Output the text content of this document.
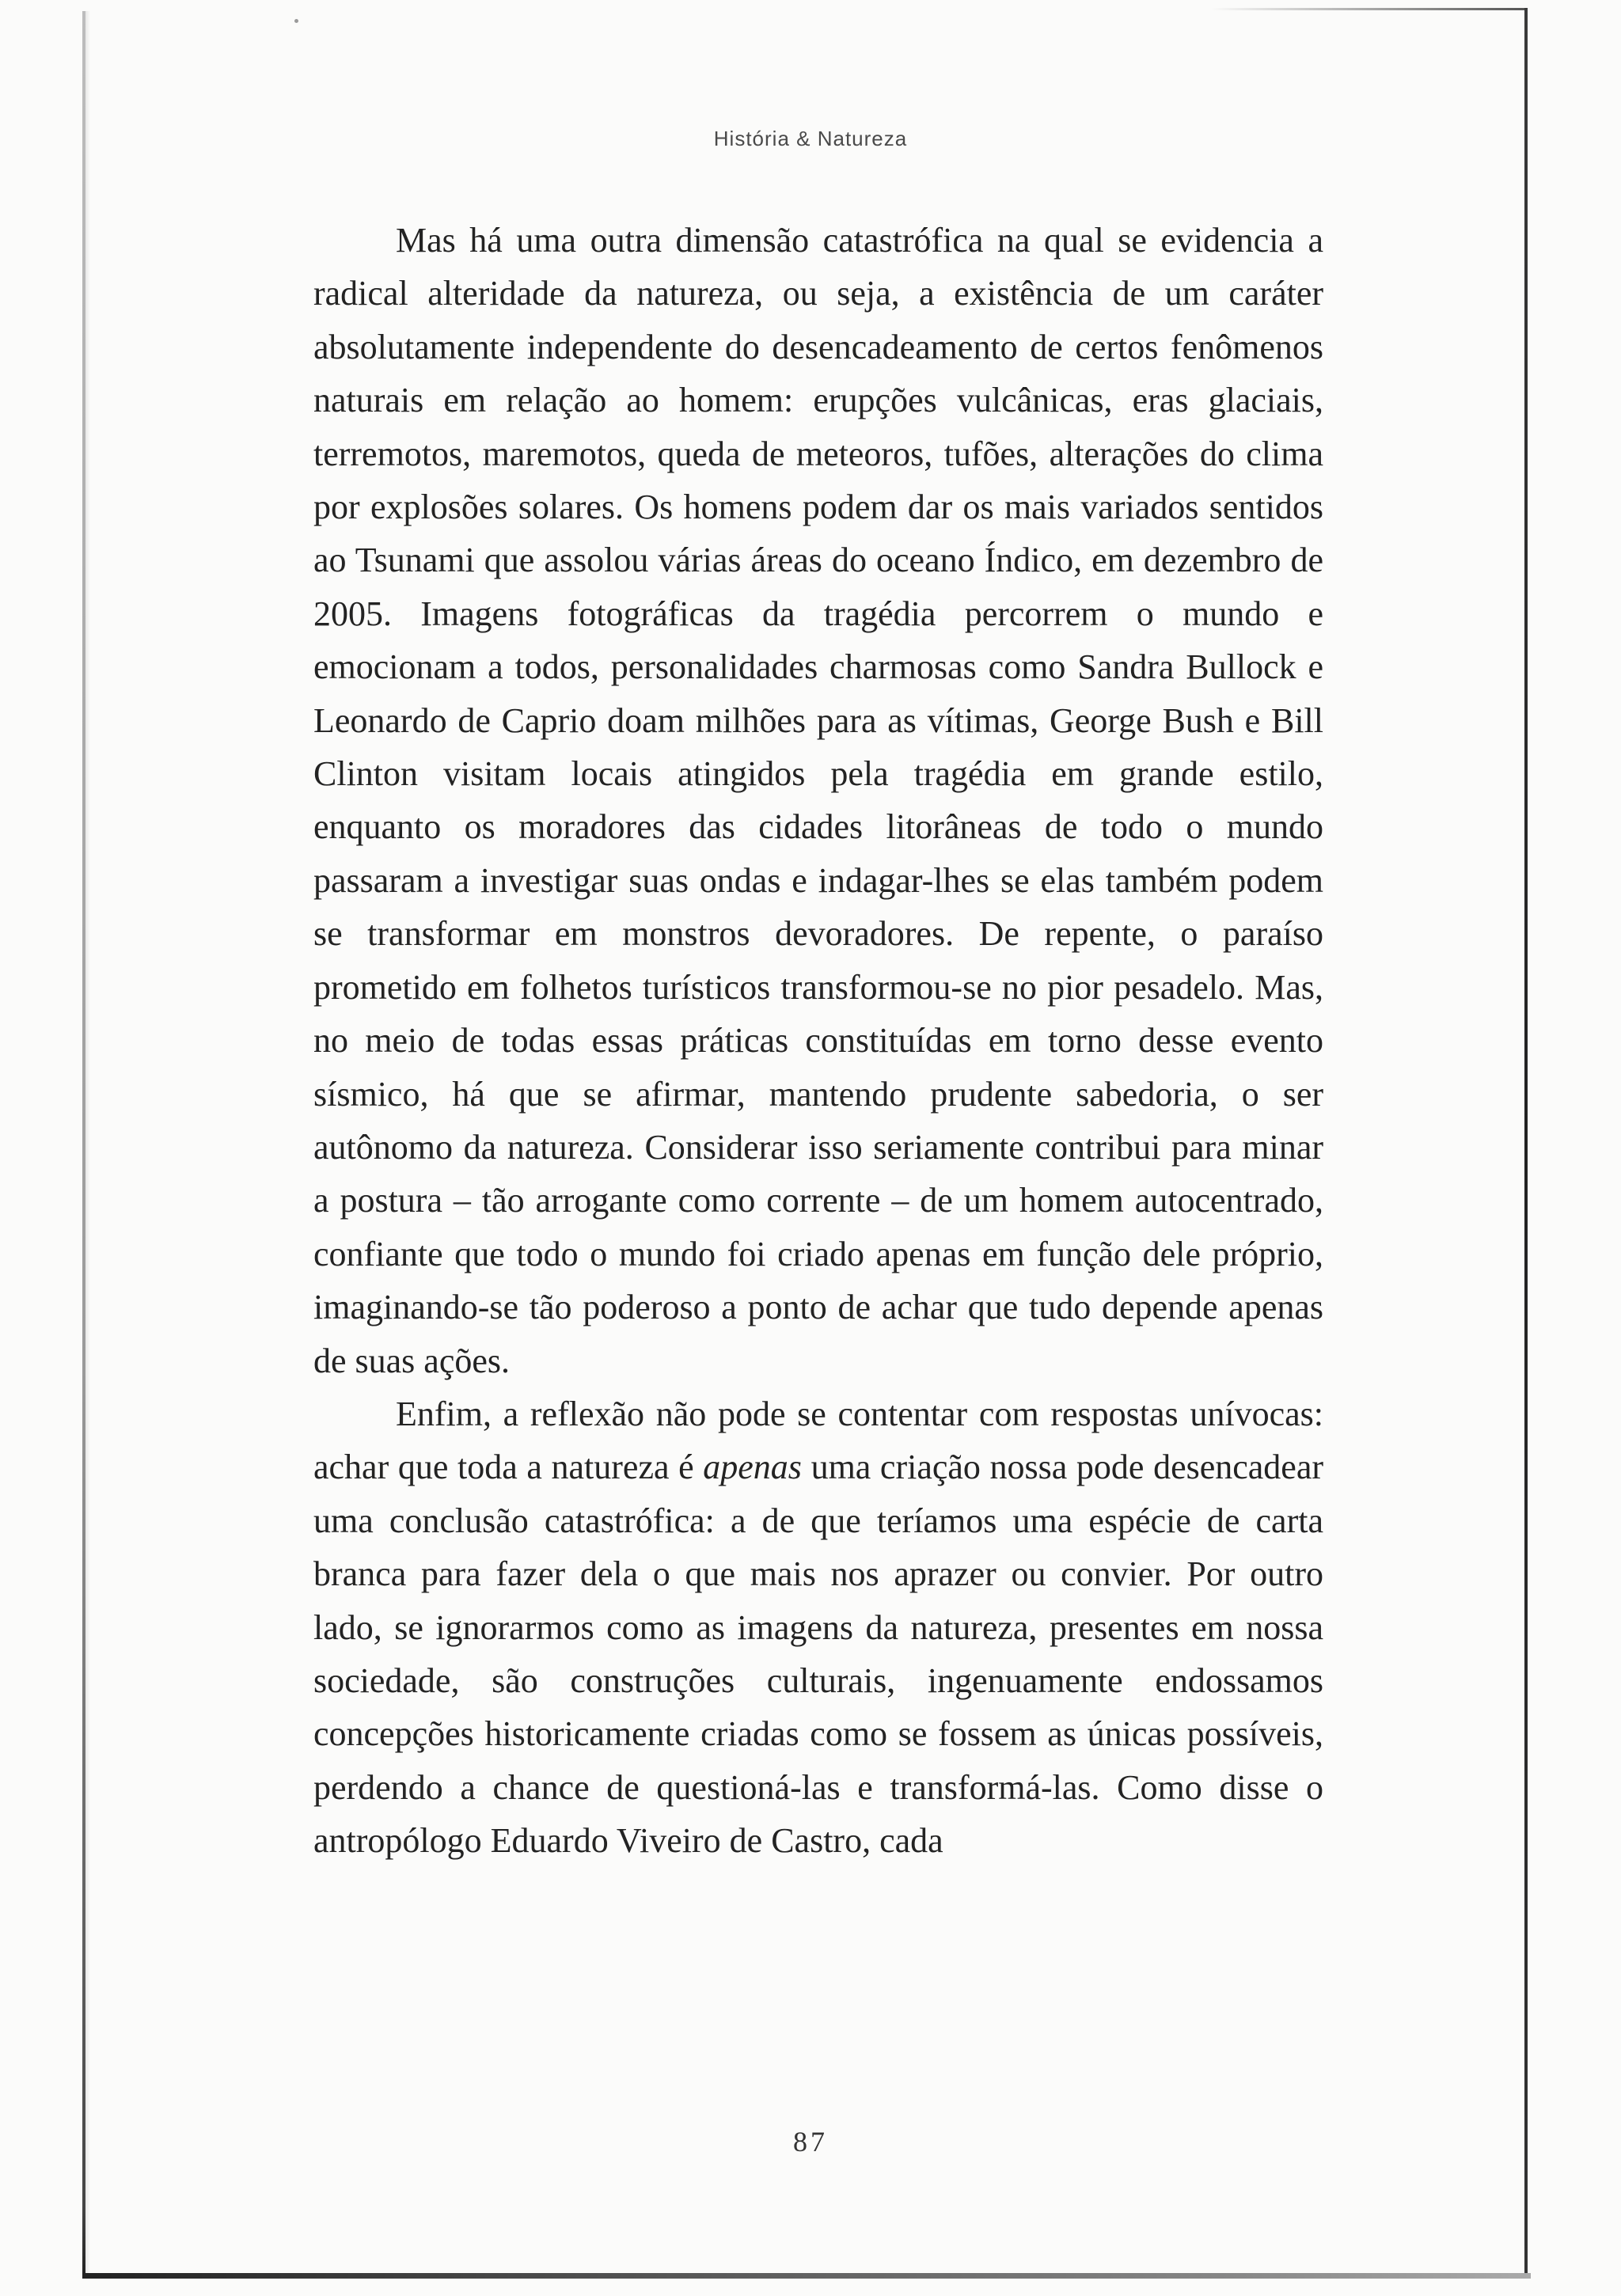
História & Natureza

Mas há uma outra dimensão catastrófica na qual se evidencia a radical alteridade da natureza, ou seja, a existência de um caráter absolutamente independente do desencadeamento de certos fenômenos naturais em relação ao homem: erupções vulcânicas, eras glaciais, terremotos, maremotos, queda de meteoros, tufões, alterações do clima por explosões solares. Os homens podem dar os mais variados sentidos ao Tsunami que assolou várias áreas do oceano Índico, em dezembro de 2005. Imagens fotográficas da tragédia percorrem o mundo e emocionam a todos, personalidades charmosas como Sandra Bullock e Leonardo de Caprio doam milhões para as vítimas, George Bush e Bill Clinton visitam locais atingidos pela tragédia em grande estilo, enquanto os moradores das cidades litorâneas de todo o mundo passaram a investigar suas ondas e indagar-lhes se elas também podem se transformar em monstros devoradores. De repente, o paraíso prometido em folhetos turísticos transformou-se no pior pesadelo. Mas, no meio de todas essas práticas constituídas em torno desse evento sísmico, há que se afirmar, mantendo prudente sabedoria, o ser autônomo da natureza. Considerar isso seriamente contribui para minar a postura – tão arrogante como corrente – de um homem autocentrado, confiante que todo o mundo foi criado apenas em função dele próprio, imaginando-se tão poderoso a ponto de achar que tudo depende apenas de suas ações.

Enfim, a reflexão não pode se contentar com respostas unívocas: achar que toda a natureza é apenas uma criação nossa pode desencadear uma conclusão catastrófica: a de que teríamos uma espécie de carta branca para fazer dela o que mais nos aprazer ou convier. Por outro lado, se ignorarmos como as imagens da natureza, presentes em nossa sociedade, são construções culturais, ingenuamente endossamos concepções historicamente criadas como se fossem as únicas possíveis, perdendo a chance de questioná-las e transformá-las. Como disse o antropólogo Eduardo Viveiro de Castro, cada

87
